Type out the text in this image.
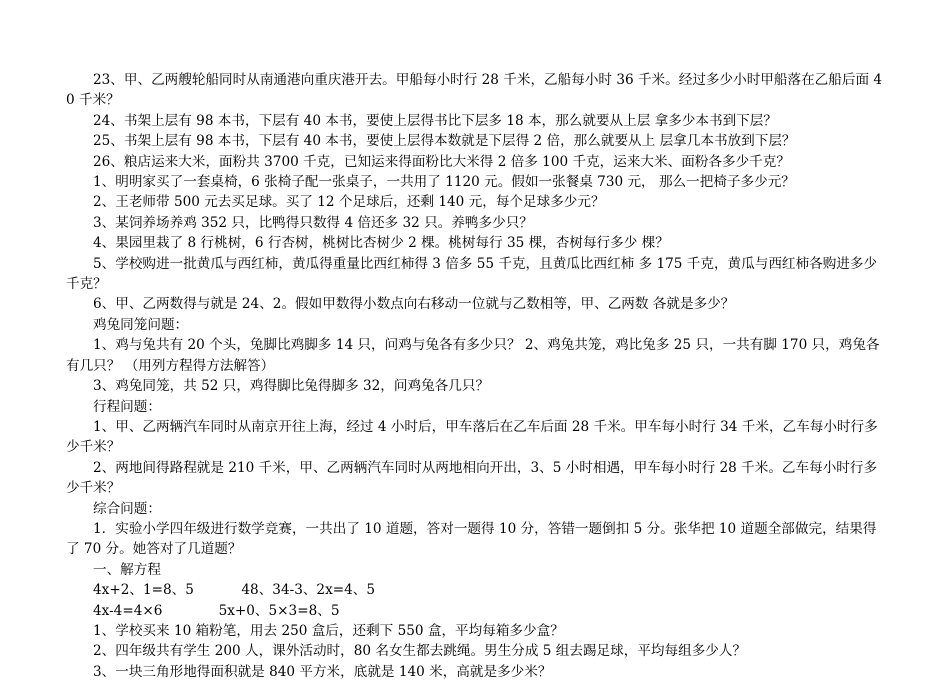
23、甲、乙两艘轮船同时从南通港向重庆港开去。甲船每小时行 28 千米，乙船每小时 36 千米。经过多少小时甲船落在乙船后面 40 千米？

24、书架上层有 98 本书，下层有 40 本书，要使上层得书比下层多 18 本，那么就要从上层 拿多少本书到下层？

25、书架上层有 98 本书，下层有 40 本书，要使上层得本数就是下层得 2 倍，那么就要从上 层拿几本书放到下层？

26、粮店运来大米，面粉共 3700 千克，已知运来得面粉比大米得 2 倍多 100 千克，运来大米、面粉各多少千克？

1、明明家买了一套桌椅，6 张椅子配一张桌子，一共用了 1120 元。假如一张餐桌 730 元， 那么一把椅子多少元？

2、王老师带 500 元去买足球。买了 12 个足球后，还剩 140 元，每个足球多少元？

3、某饲养场养鸡 352 只，比鸭得只数得 4 倍还多 32 只。养鸭多少只？

4、果园里栽了 8 行桃树，6 行杏树，桃树比杏树少 2 棵。桃树每行 35 棵，杏树每行多少 棵？

5、学校购进一批黄瓜与西红柿，黄瓜得重量比西红柿得 3 倍多 55 千克，且黄瓜比西红柿 多 175 千克，黄瓜与西红柿各购进多少千克？

6、甲、乙两数得与就是 24、2。假如甲数得小数点向右移动一位就与乙数相等，甲、乙两数 各就是多少？

鸡兔同笼问题：

1、鸡与兔共有 20 个头，兔脚比鸡脚多 14 只，问鸡与兔各有多少只？ 2、鸡兔共笼，鸡比兔多 25 只，一共有脚 170 只，鸡兔各有几只？ （用列方程得方法解答）

3、鸡兔同笼，共 52 只，鸡得脚比兔得脚多 32，问鸡兔各几只？

行程问题：

1、甲、乙两辆汽车同时从南京开往上海，经过 4 小时后，甲车落后在乙车后面 28 千米。甲车每小时行 34 千米，乙车每小时行多少千米？

2、两地间得路程就是 210 千米，甲、乙两辆汽车同时从两地相向开出，3、5 小时相遇，甲车每小时行 28 千米。乙车每小时行多少千米？

综合问题：

1．实验小学四年级进行数学竞赛，一共出了 10 道题，答对一题得 10 分，答错一题倒扣 5 分。张华把 10 道题全部做完，结果得了 70 分。她答对了几道题？

一、解方程

4x+2、1=8、5           48、34-3、2x=4、5

4x-4=4×6             5x+0、5×3=8、5

1、学校买来 10 箱粉笔，用去 250 盒后，还剩下 550 盒，平均每箱多少盒？

2、四年级共有学生 200 人，课外活动时，80 名女生都去跳绳。男生分成 5 组去踢足球，平均每组多少人？

3、一块三角形地得面积就是 840 平方米，底就是 140 米，高就是多少米？
